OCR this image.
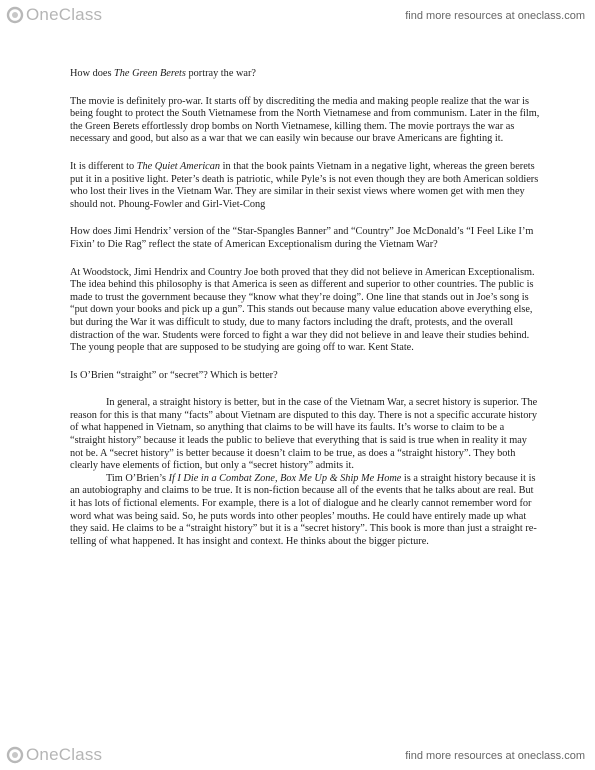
OneClass	find more resources at oneclass.com

How does The Green Berets portray the war?

The movie is definitely pro-war. It starts off by discrediting the media and making people realize that the war is being fought to protect the South Vietnamese from the North Vietnamese and from communism. Later in the film, the Green Berets effortlessly drop bombs on North Vietnamese, killing them. The movie portrays the war as necessary and good, but also as a war that we can easily win because our brave Americans are fighting it.

It is different to The Quiet American in that the book paints Vietnam in a negative light, whereas the green berets put it in a positive light. Peter’s death is patriotic, while Pyle’s is not even though they are both American soldiers who lost their lives in the Vietnam War. They are similar in their sexist views where women get with men they should not. Phoung-Fowler and Girl-Viet-Cong

How does Jimi Hendrix’ version of the “Star-Spangles Banner” and “Country” Joe McDonald’s “I Feel Like I’m Fixin’ to Die Rag” reflect the state of American Exceptionalism during the Vietnam War?

At Woodstock, Jimi Hendrix and Country Joe both proved that they did not believe in American Exceptionalism. The idea behind this philosophy is that America is seen as different and superior to other countries. The public is made to trust the government because they “know what they’re doing”. One line that stands out in Joe’s song is “put down your books and pick up a gun”. This stands out because many value education above everything else, but during the War it was difficult to study, due to many factors including the draft, protests, and the overall distraction of the war. Students were forced to fight a war they did not believe in and leave their studies behind. The young people that are supposed to be studying are going off to war. Kent State.

Is O’Brien “straight” or “secret”? Which is better?

In general, a straight history is better, but in the case of the Vietnam War, a secret history is superior. The reason for this is that many “facts” about Vietnam are disputed to this day. There is not a specific accurate history of what happened in Vietnam, so anything that claims to be will have its faults. It’s worse to claim to be a “straight history” because it leads the public to believe that everything that is said is true when in reality it may not be. A “secret history” is better because it doesn’t claim to be true, as does a “straight history”. They both clearly have elements of fiction, but only a “secret history” admits it.

Tim O’Brien’s If I Die in a Combat Zone, Box Me Up & Ship Me Home is a straight history because it is an autobiography and claims to be true. It is non-fiction because all of the events that he talks about are real. But it has lots of fictional elements. For example, there is a lot of dialogue and he clearly cannot remember word for word what was being said. So, he puts words into other peoples’ mouths. He could have entirely made up what they said. He claims to be a “straight history” but it is a “secret history”. This book is more than just a straight re-telling of what happened. It has insight and context. He thinks about the bigger picture.

OneClass	find more resources at oneclass.com
